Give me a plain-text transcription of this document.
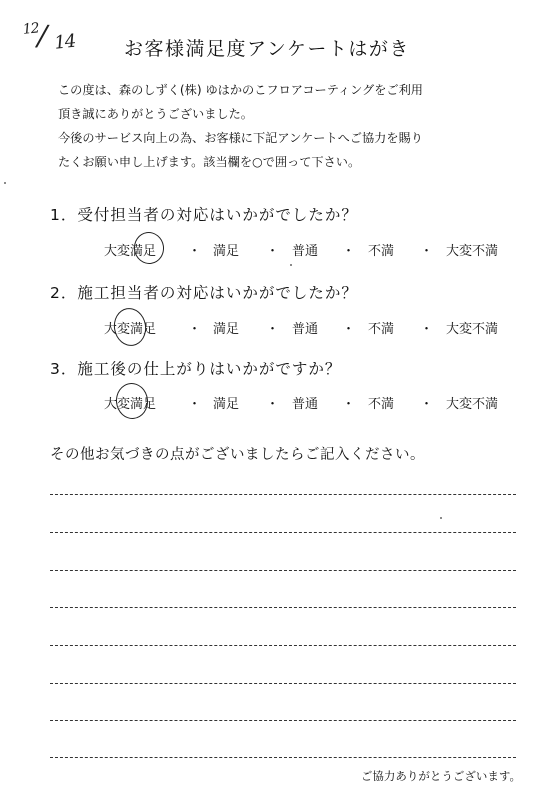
12
/ 14	お客様満足度アンケートはがき

この度は、森のしずく(株) ゆはかのこフロアコーティングをご利用

頂き誠にありがとうございました。

今後のサービス向上の為、お客様に下記アンケートへご協力を賜り

たくお願い申し上げます。該当欄を○で囲って下さい。

1．受付担当者の対応はいかがでしたか？
大変満足 ・ 満足 ・ 普通 ・ 不満 ・ 大変不満
2．施工担当者の対応はいかがでしたか？
大変満足 ・ 満足 ・ 普通 ・ 不満 ・ 大変不満
3．施工後の仕上がりはいかがですか？
大変満足 ・ 満足 ・ 普通 ・ 不満 ・ 大変不満
その他お気づきの点がございましたらご記入ください。
ご協力ありがとうございます。
